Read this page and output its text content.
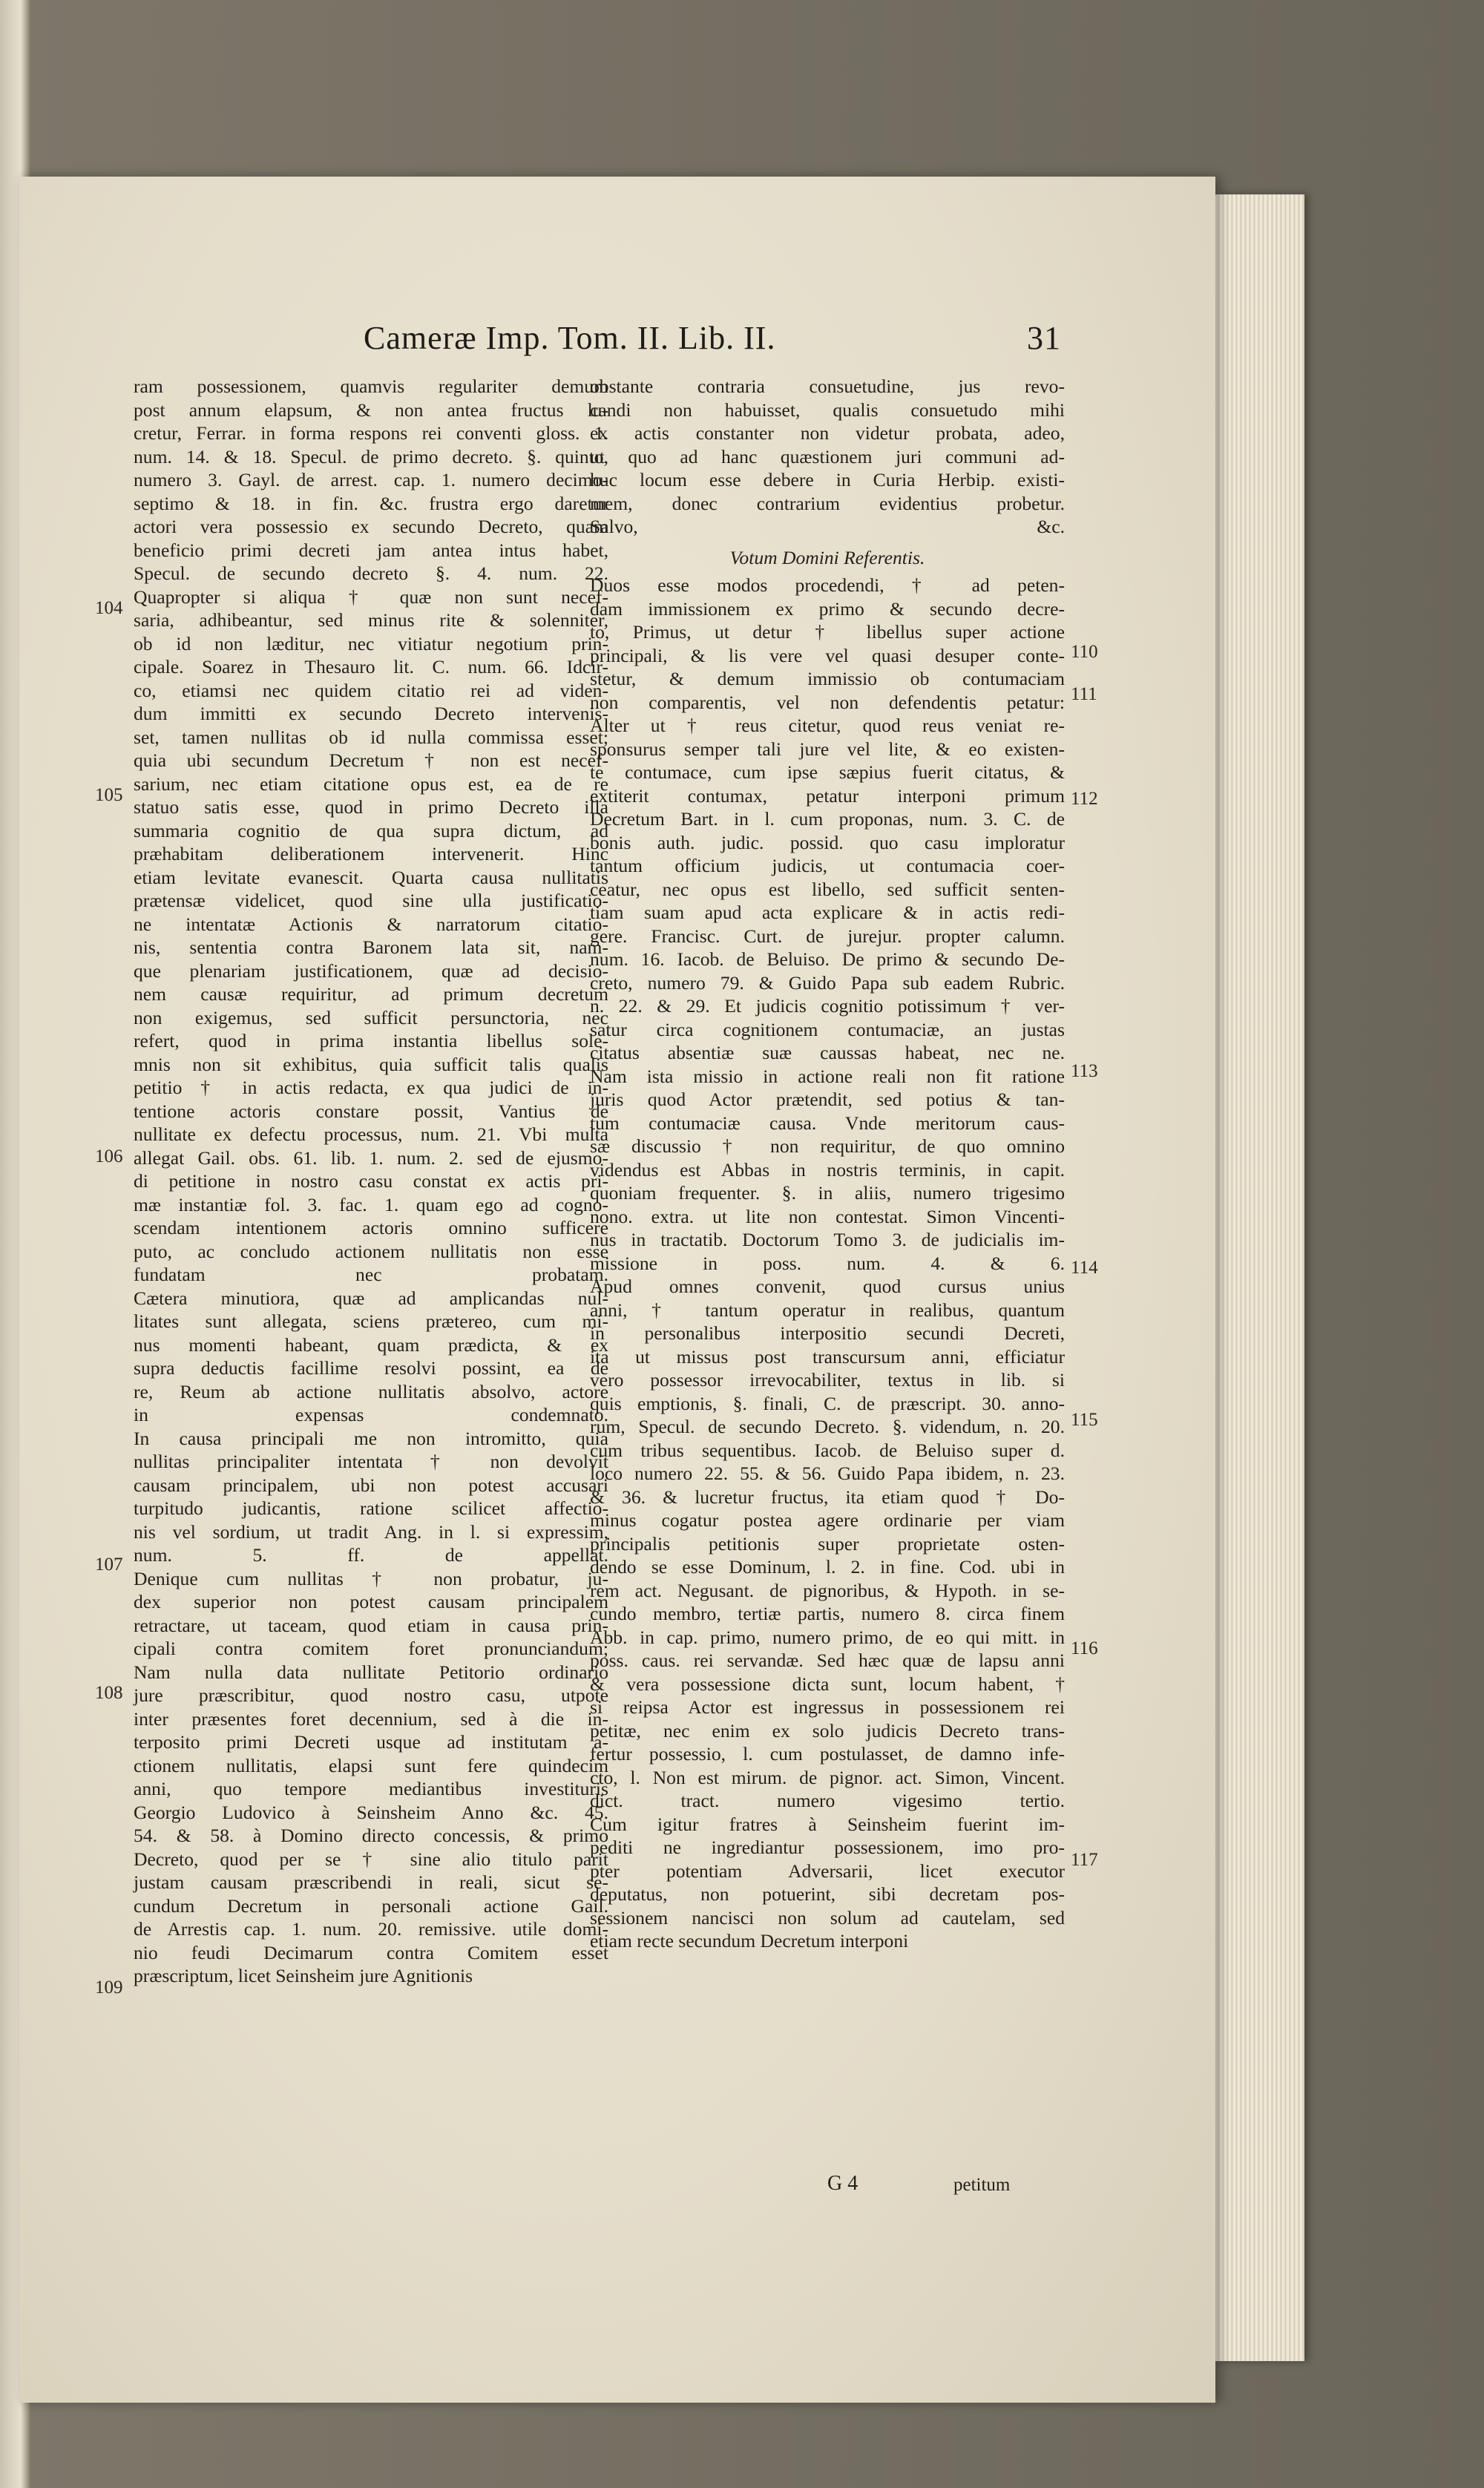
Cameræ Imp. Tom. II. Lib. II.	31
ram possessionem, quamvis regulariter demum
post annum elapsum, & non antea fructus lu-
cretur, Ferrar. in forma respons rei conventi gloss. 1.
num. 14. & 18. Specul. de primo decreto. §. quinto,
numero 3. Gayl. de arrest. cap. 1. numero decimo-
septimo & 18. in fin. &c. frustra ergo daretur
actori vera possessio ex secundo Decreto, quam
beneficio primi decreti jam antea intus habet,
Specul. de secundo decreto §. 4. num. 22.
Quapropter si aliqua † quæ non sunt necef-
saria, adhibeantur, sed minus rite & solenniter,
ob id non læditur, nec vitiatur negotium prin-
cipale. Soarez in Thesauro lit. C. num. 66. Idcir-
co, etiamsi nec quidem citatio rei ad viden-
dum immitti ex secundo Decreto intervenis-
set, tamen nullitas ob id nulla commissa esset;
quia ubi secundum Decretum † non est necef-
sarium, nec etiam citatione opus est, ea de re
statuo satis esse, quod in primo Decreto illa
summaria cognitio de qua supra dictum, ad
præhabitam deliberationem intervenerit. Hinc
etiam levitate evanescit. Quarta causa nullitatis
prætensæ videlicet, quod sine ulla justificatio-
ne intentatæ Actionis & narratorum citatio-
nis, sententia contra Baronem lata sit, nam-
que plenariam justificationem, quæ ad decisio-
nem causæ requiritur, ad primum decretum
non exigemus, sed sufficit persunctoria, nec
refert, quod in prima instantia libellus sole-
mnis non sit exhibitus, quia sufficit talis qualis
petitio † in actis redacta, ex qua judici de in-
tentione actoris constare possit, Vantius de
nullitate ex defectu processus, num. 21. Vbi multa
allegat Gail. obs. 61. lib. 1. num. 2. sed de ejusmo-
di petitione in nostro casu constat ex actis pri-
mæ instantiæ fol. 3. fac. 1. quam ego ad cogno-
scendam intentionem actoris omnino sufficere
puto, ac concludo actionem nullitatis non esse
fundatam nec probatam.
Cætera minutiora, quæ ad amplicandas nul-
litates sunt allegata, sciens prætereo, cum mi-
nus momenti habeant, quam prædicta, & ex
supra deductis facillime resolvi possint, ea de
re, Reum ab actione nullitatis absolvo, actore
in expensas condemnato.
In causa principali me non intromitto, quia
nullitas principaliter intentata † non devolvit
causam principalem, ubi non potest accusari
turpitudo judicantis, ratione scilicet affectio-
nis vel sordium, ut tradit Ang. in l. si expressim,
num. 5. ff. de appellat.
Denique cum nullitas † non probatur, ju-
dex superior non potest causam principalem
retractare, ut taceam, quod etiam in causa prin-
cipali contra comitem foret pronunciandum;
Nam nulla data nullitate Petitorio ordinario
jure præscribitur, quod nostro casu, utpote
inter præsentes foret decennium, sed à die in-
terposito primi Decreti usque ad institutam a-
ctionem nullitatis, elapsi sunt fere quindecim
anni, quo tempore mediantibus investituris
Georgio Ludovico à Seinsheim Anno &c. 45.
54. & 58. à Domino directo concessis, & primo
Decreto, quod per se † sine alio titulo parit
justam causam præscribendi in reali, sicut se-
cundum Decretum in personali actione Gail.
de Arrestis cap. 1. num. 20. remissive. utile domi-
nio feudi Decimarum contra Comitem esset
præscriptum, licet Seinsheim jure Agnitionis
obstante contraria consuetudine, jus revo-
candi non habuisset, qualis consuetudo mihi
ex actis constanter non videtur probata, adeo,
ut quo ad hanc quæstionem juri communi ad-
huc locum esse debere in Curia Herbip. existi-
mem, donec contrarium evidentius probetur.
Salvo, &c.
Votum Domini Referentis.
Duos esse modos procedendi, † ad peten-
dam immissionem ex primo & secundo decre-
to, Primus, ut detur † libellus super actione
principali, & lis vere vel quasi desuper conte-
stetur, & demum immissio ob contumaciam
non comparentis, vel non defendentis petatur:
Alter ut † reus citetur, quod reus veniat re-
sponsurus semper tali jure vel lite, & eo existen-
te contumace, cum ipse sæpius fuerit citatus, &
extiterit contumax, petatur interponi primum
Decretum Bart. in l. cum proponas, num. 3. C. de
bonis auth. judic. possid. quo casu imploratur
tantum officium judicis, ut contumacia coer-
ceatur, nec opus est libello, sed sufficit senten-
tiam suam apud acta explicare & in actis redi-
gere. Francisc. Curt. de jurejur. propter calumn.
num. 16. Iacob. de Beluiso. De primo & secundo De-
creto, numero 79. & Guido Papa sub eadem Rubric.
n. 22. & 29. Et judicis cognitio potissimum † ver-
satur circa cognitionem contumaciæ, an justas
citatus absentiæ suæ caussas habeat, nec ne.
Nam ista missio in actione reali non fit ratione
juris quod Actor prætendit, sed potius & tan-
tum contumaciæ causa. Vnde meritorum caus-
sæ discussio † non requiritur, de quo omnino
videndus est Abbas in nostris terminis, in capit.
quoniam frequenter. §. in aliis, numero trigesimo
nono. extra. ut lite non contestat. Simon Vincenti-
nus in tractatib. Doctorum Tomo 3. de judicialis im-
missione in poss. num. 4. & 6.
Apud omnes convenit, quod cursus unius
anni, † tantum operatur in realibus, quantum
in personalibus interpositio secundi Decreti,
ita ut missus post transcursum anni, efficiatur
vero possessor irrevocabiliter, textus in lib. si
quis emptionis, §. finali, C. de præscript. 30. anno-
rum, Specul. de secundo Decreto. §. videndum, n. 20.
cum tribus sequentibus. Iacob. de Beluiso super d.
loco numero 22. 55. & 56. Guido Papa ibidem, n. 23.
& 36. & lucretur fructus, ita etiam quod † Do-
minus cogatur postea agere ordinarie per viam
principalis petitionis super proprietate osten-
dendo se esse Dominum, l. 2. in fine. Cod. ubi in
rem act. Negusant. de pignoribus, & Hypoth. in se-
cundo membro, tertiæ partis, numero 8. circa finem
Abb. in cap. primo, numero primo, de eo qui mitt. in
poss. caus. rei servandæ. Sed hæc quæ de lapsu anni
& vera possessione dicta sunt, locum habent, †
si reipsa Actor est ingressus in possessionem rei
petitæ, nec enim ex solo judicis Decreto trans-
fertur possessio, l. cum postulasset, de damno infe-
cto, l. Non est mirum. de pignor. act. Simon, Vincent.
dict. tract. numero vigesimo tertio.
Cum igitur fratres à Seinsheim fuerint im-
pediti ne ingrediantur possessionem, imo pro-
pter potentiam Adversarii, licet executor
deputatus, non potuerint, sibi decretam pos-
sessionem nancisci non solum ad cautelam, sed
etiam recte secundum Decretum interponi
104
105
106
107
108
109
110
111
112
113
114
115
116
117
G 4	petitum
